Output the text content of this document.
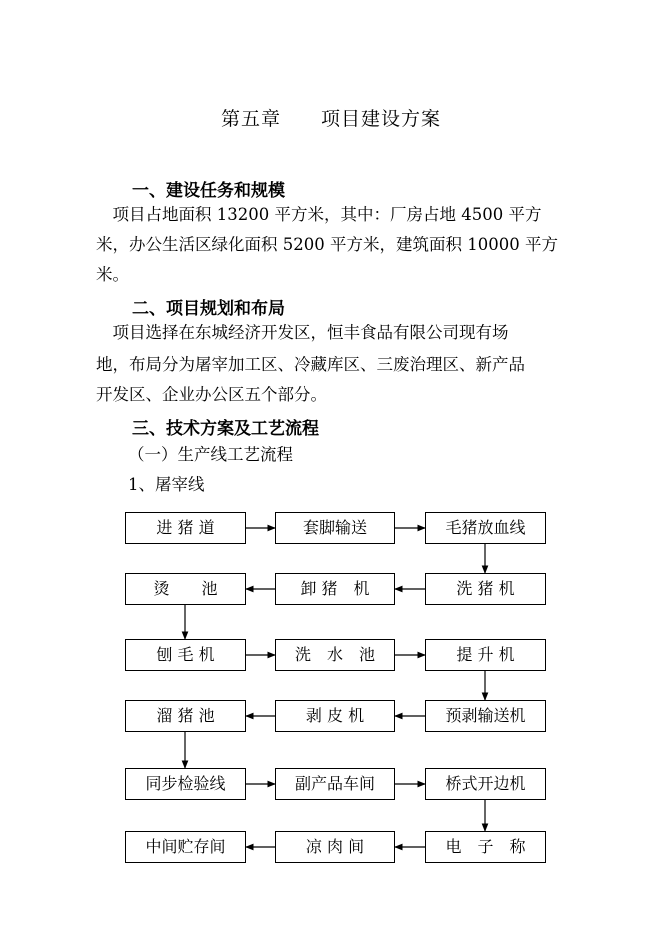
第五章　　项目建设方案
一、建设任务和规模
　项目占地面积 13200 平方米，其中：厂房占地 4500 平方
米，办公生活区绿化面积 5200 平方米，建筑面积 10000 平方
米。
二、项目规划和布局
　项目选择在东城经济开发区，恒丰食品有限公司现有场
地，布局分为屠宰加工区、冷藏库区、三废治理区、新产品
开发区、企业办公区五个部分。
三、技术方案及工艺流程
（一）生产线工艺流程
1、屠宰线
进 猪 道	套脚输送	毛猪放血线
烫　　池	卸 猪　机	洗 猪 机
刨 毛 机	洗　水　池	提 升 机
溜 猪 池	剥 皮 机	预剥输送机
同步检验线	副产品车间	桥式开边机
中间贮存间	凉 肉 间	电　子　称
